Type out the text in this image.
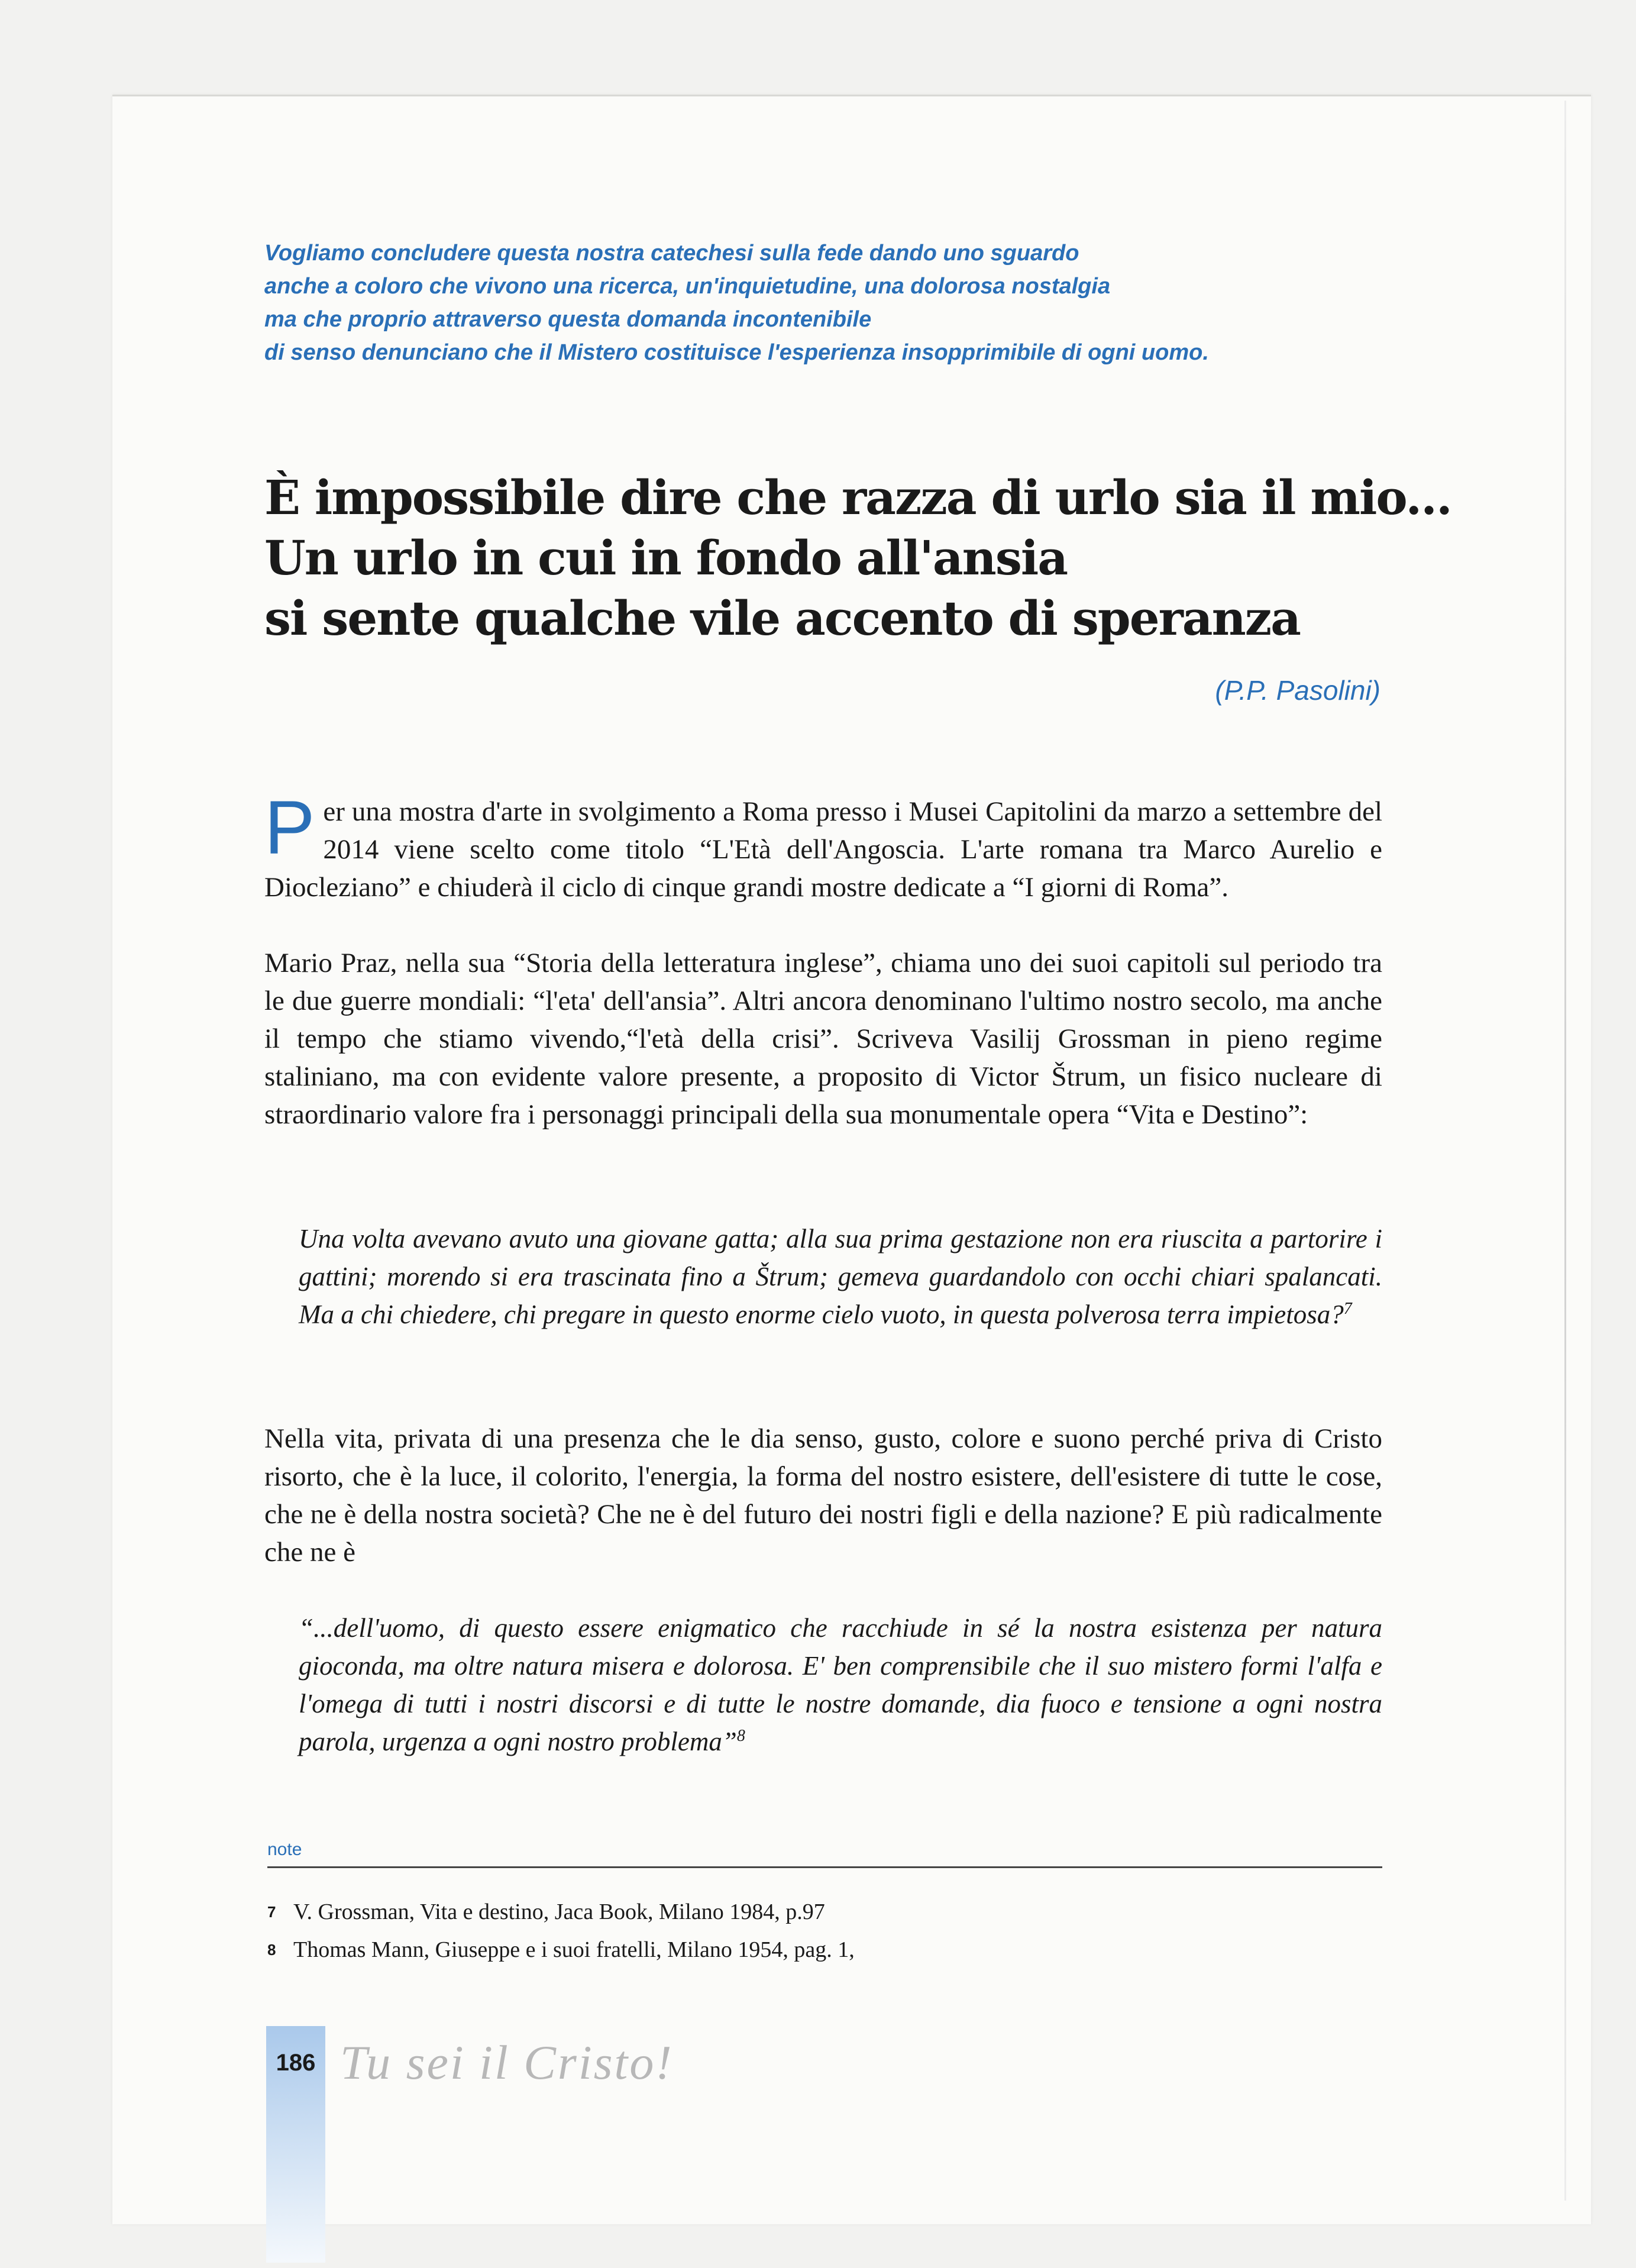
Vogliamo concludere questa nostra catechesi sulla fede dando uno sguardo
anche a coloro che vivono una ricerca, un'inquietudine, una dolorosa nostalgia
ma che proprio attraverso questa domanda incontenibile
di senso denunciano che il Mistero costituisce l'esperienza insopprimibile di ogni uomo.
È impossibile dire che razza di urlo sia il mio...
Un urlo in cui in fondo all'ansia
si sente qualche vile accento di speranza
(P.P. Pasolini)
Per una mostra d'arte in svolgimento a Roma presso i Musei Capitolini da marzo a settembre del 2014 viene scelto come titolo “L'Età dell'Angoscia. L'arte romana tra Marco Aurelio e Diocleziano” e chiuderà il ciclo di cinque grandi mostre dedicate a “I giorni di Roma”.
Mario Praz, nella sua “Storia della letteratura inglese”, chiama uno dei suoi capitoli sul periodo tra le due guerre mondiali: “l'eta' dell'ansia”. Altri ancora denominano l'ultimo nostro secolo, ma anche il tempo che stiamo vivendo,“l'età della crisi”. Scriveva Vasilij Grossman in pieno regime staliniano, ma con evidente valore presente, a proposito di Victor Štrum, un fisico nucleare di straordinario valore fra i personaggi principali della sua monumentale opera “Vita e Destino”:
Una volta avevano avuto una giovane gatta; alla sua prima gestazione non era riuscita a partorire i gattini; morendo si era trascinata fino a Štrum; gemeva guardandolo con occhi chiari spalancati. Ma a chi chiedere, chi pregare in questo enorme cielo vuoto, in questa polverosa terra impietosa?$^7$
Nella vita, privata di una presenza che le dia senso, gusto, colore e suono perché priva di Cristo risorto, che è la luce, il colorito, l'energia, la forma del nostro esistere, dell'esistere di tutte le cose, che ne è della nostra società? Che ne è del futuro dei nostri figli e della nazione? E più radicalmente che ne è
“...dell'uomo, di questo essere enigmatico che racchiude in sé la nostra esistenza per natura gioconda, ma oltre natura misera e dolorosa. E' ben comprensibile che il suo mistero formi l'alfa e l'omega di tutti i nostri discorsi e di tutte le nostre domande, dia fuoco e tensione a ogni nostra parola, urgenza a ogni nostro problema”$^8$
note
7 V. Grossman, Vita e destino, Jaca Book, Milano 1984, p.97
8 Thomas Mann, Giuseppe e i suoi fratelli, Milano 1954, pag. 1,
186 Tu sei il Cristo!
